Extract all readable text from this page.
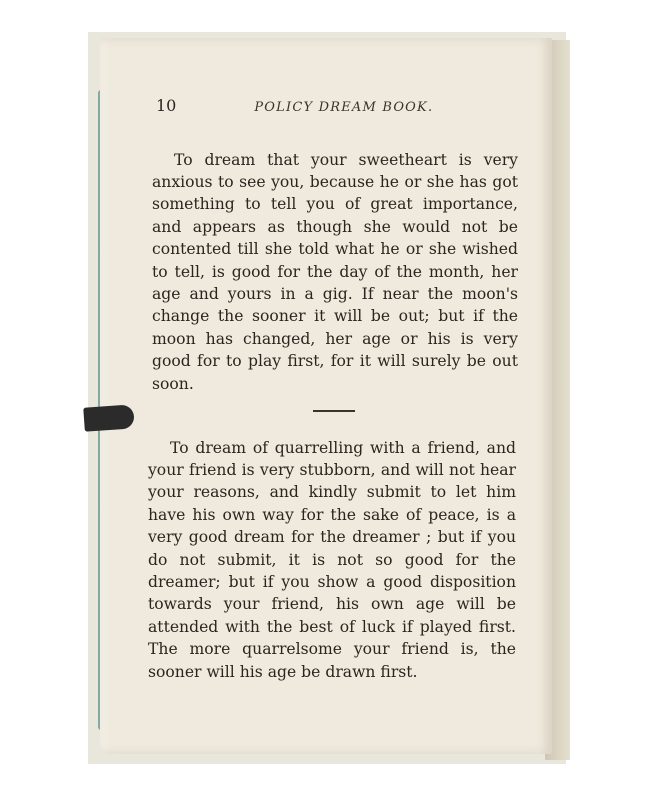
10	POLICY DREAM BOOK.

To dream that your sweetheart is very anxious to see you, because he or she has got something to tell you of great importance, and appears as though she would not be contented till she told what he or she wished to tell, is good for the day of the month, her age and yours in a gig. If near the moon's change the sooner it will be out; but if the moon has changed, her age or his is very good for to play first, for it will surely be out soon.

To dream of quarrelling with a friend, and your friend is very stubborn, and will not hear your reasons, and kindly submit to let him have his own way for the sake of peace, is a very good dream for the dreamer ; but if you do not submit, it is not so good for the dreamer; but if you show a good disposition towards your friend, his own age will be attended with the best of luck if played first. The more quarrelsome your friend is, the sooner will his age be drawn first.
